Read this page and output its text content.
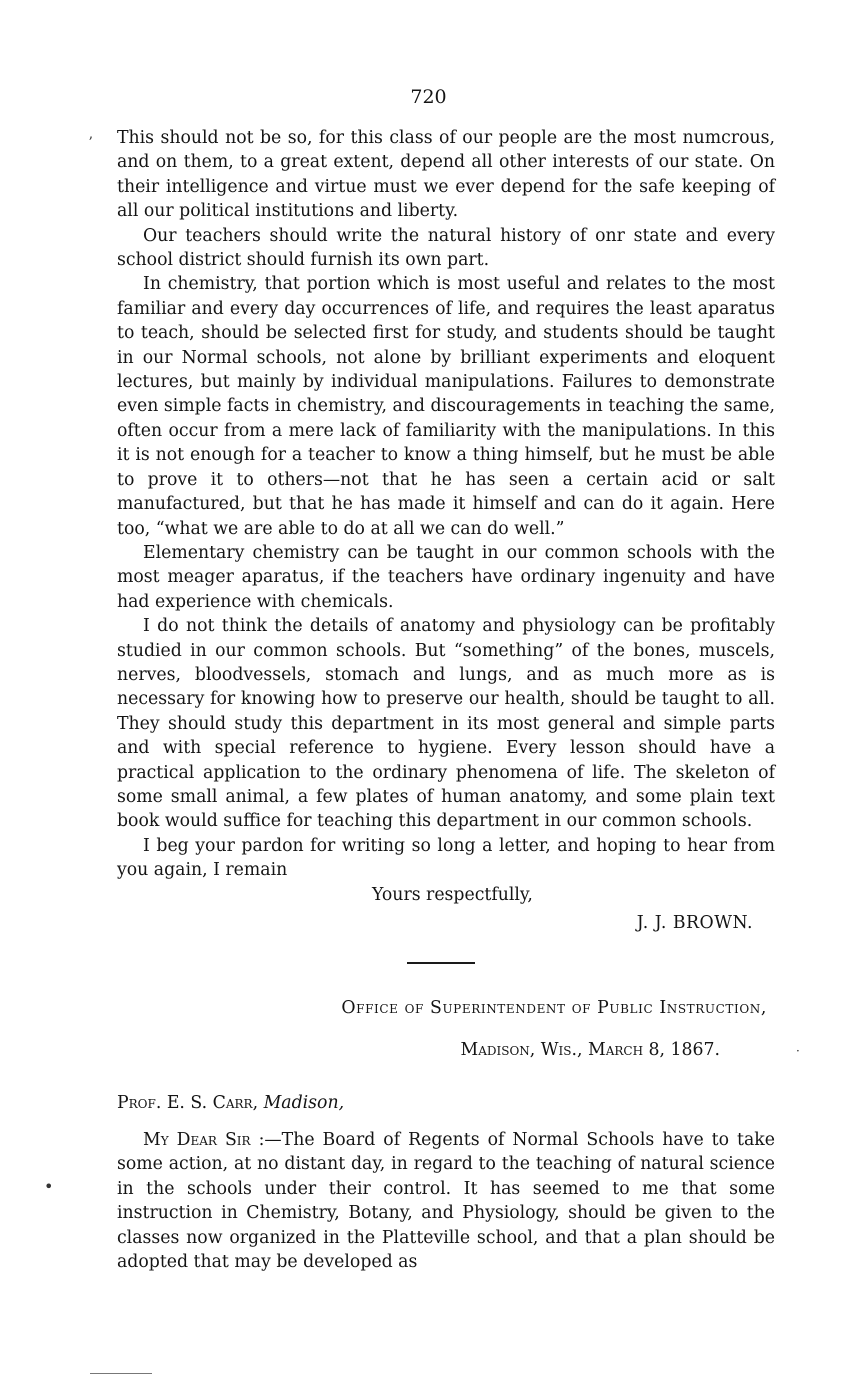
720
ʼ This should not be so, for this class of our people are the most numcrous, and on them, to a great extent, depend all other interests of our state. On their intelligence and virtue must we ever depend for the safe keeping of all our political institutions and liberty.

Our teachers should write the natural history of onr state and every school district should furnish its own part.

In chemistry, that portion which is most useful and relates to the most familiar and every day occurrences of life, and requires the least aparatus to teach, should be selected first for study, and students should be taught in our Normal schools, not alone by brilliant experiments and eloquent lectures, but mainly by individual manipulations. Failures to demonstrate even simple facts in chemistry, and discouragements in teaching the same, often occur from a mere lack of familiarity with the manipulations. In this it is not enough for a teacher to know a thing himself, but he must be able to prove it to others—not that he has seen a certain acid or salt manufactured, but that he has made it himself and can do it again. Here too, “what we are able to do at all we can do well.”

Elementary chemistry can be taught in our common schools with the most meager aparatus, if the teachers have ordinary ingenuity and have had experience with chemicals.

I do not think the details of anatomy and physiology can be profitably studied in our common schools. But “something” of the bones, muscels, nerves, bloodvessels, stomach and lungs, and as much more as is necessary for knowing how to preserve our health, should be taught to all. They should study this department in its most general and simple parts and with special reference to hygiene. Every lesson should have a practical application to the ordinary phenomena of life. The skeleton of some small animal, a few plates of human anatomy, and some plain text book would suffice for teaching this department in our common schools.

I beg your pardon for writing so long a letter, and hoping to hear from you again, I remain

Yours respectfully,

J. J. BROWN.

Office of Superintendent of Public Instruction,
Madison, Wis., March 8, 1867.	·
Prof. E. S. Carr, Madison,
•

My Dear Sir :—The Board of Regents of Normal Schools have to take some action, at no distant day, in regard to the teaching of natural science in the schools under their control. It has seemed to me that some instruction in Chemistry, Botany, and Physiology, should be given to the classes now organized in the Platteville school, and that a plan should be adopted that may be developed as
